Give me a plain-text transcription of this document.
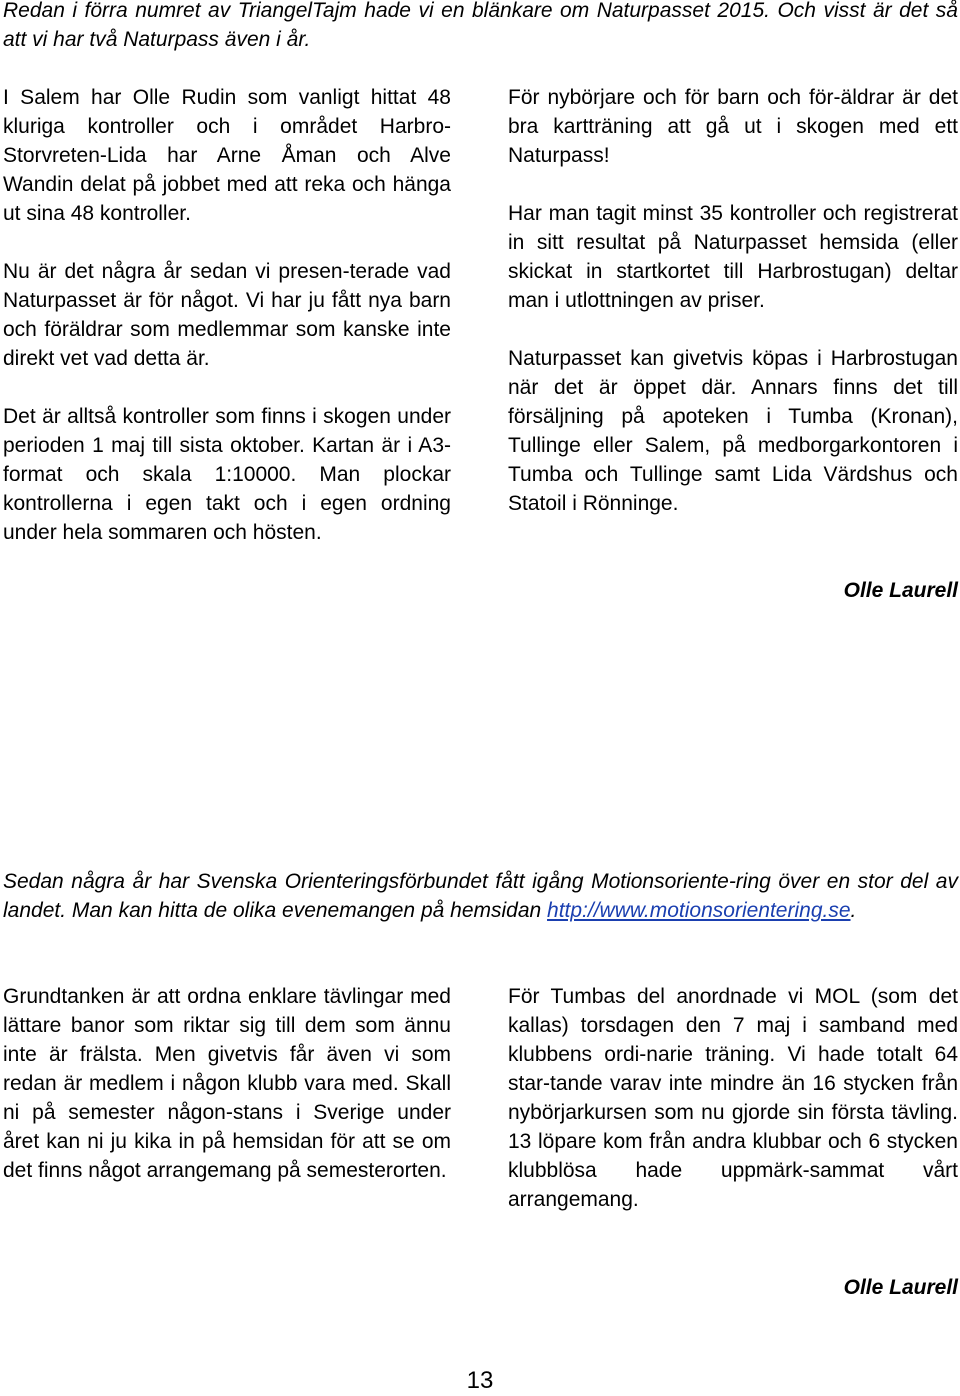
Redan i förra numret av TriangelTajm hade vi en blänkare om Naturpasset 2015. Och visst är det så att vi har två Naturpass även i år.

I Salem har Olle Rudin som vanligt hittat 48 kluriga kontroller och i området Harbro-Storvreten-Lida har Arne Åman och Alve Wandin delat på jobbet med att reka och hänga ut sina 48 kontroller.

Nu är det några år sedan vi presen-terade vad Naturpasset är för något. Vi har ju fått nya barn och föräldrar som medlemmar som kanske inte direkt vet vad detta är.

Det är alltså kontroller som finns i skogen under perioden 1 maj till sista oktober. Kartan är i A3-format och skala 1:10000. Man plockar kontrollerna i egen takt och i egen ordning under hela sommaren och hösten.

För nybörjare och för barn och för-äldrar är det bra kartträning att gå ut i skogen med ett Naturpass!

Har man tagit minst 35 kontroller och registrerat in sitt resultat på Naturpasset hemsida (eller skickat in startkortet till Harbrostugan) deltar man i utlottningen av priser.

Naturpasset kan givetvis köpas i Harbrostugan när det är öppet där. Annars finns det till försäljning på apoteken i Tumba (Kronan), Tullinge eller Salem, på medborgarkontoren i Tumba och Tullinge samt Lida Värdshus och Statoil i Rönninge.

Olle Laurell

Sedan några år har Svenska Orienteringsförbundet fått igång Motionsoriente-ring över en stor del av landet. Man kan hitta de olika evenemangen på hemsidan http://www.motionsorientering.se.

Grundtanken är att ordna enklare tävlingar med lättare banor som riktar sig till dem som ännu inte är frälsta. Men givetvis får även vi som redan är medlem i någon klubb vara med. Skall ni på semester någon-stans i Sverige under året kan ni ju kika in på hemsidan för att se om det finns något arrangemang på semesterorten.

För Tumbas del anordnade vi MOL (som det kallas) torsdagen den 7 maj i samband med klubbens ordi-narie träning. Vi hade totalt 64 star-tande varav inte mindre än 16 stycken från nybörjarkursen som nu gjorde sin första tävling. 13 löpare kom från andra klubbar och 6 stycken klubblösa hade uppmärk-sammat vårt arrangemang.

Olle Laurell
13
